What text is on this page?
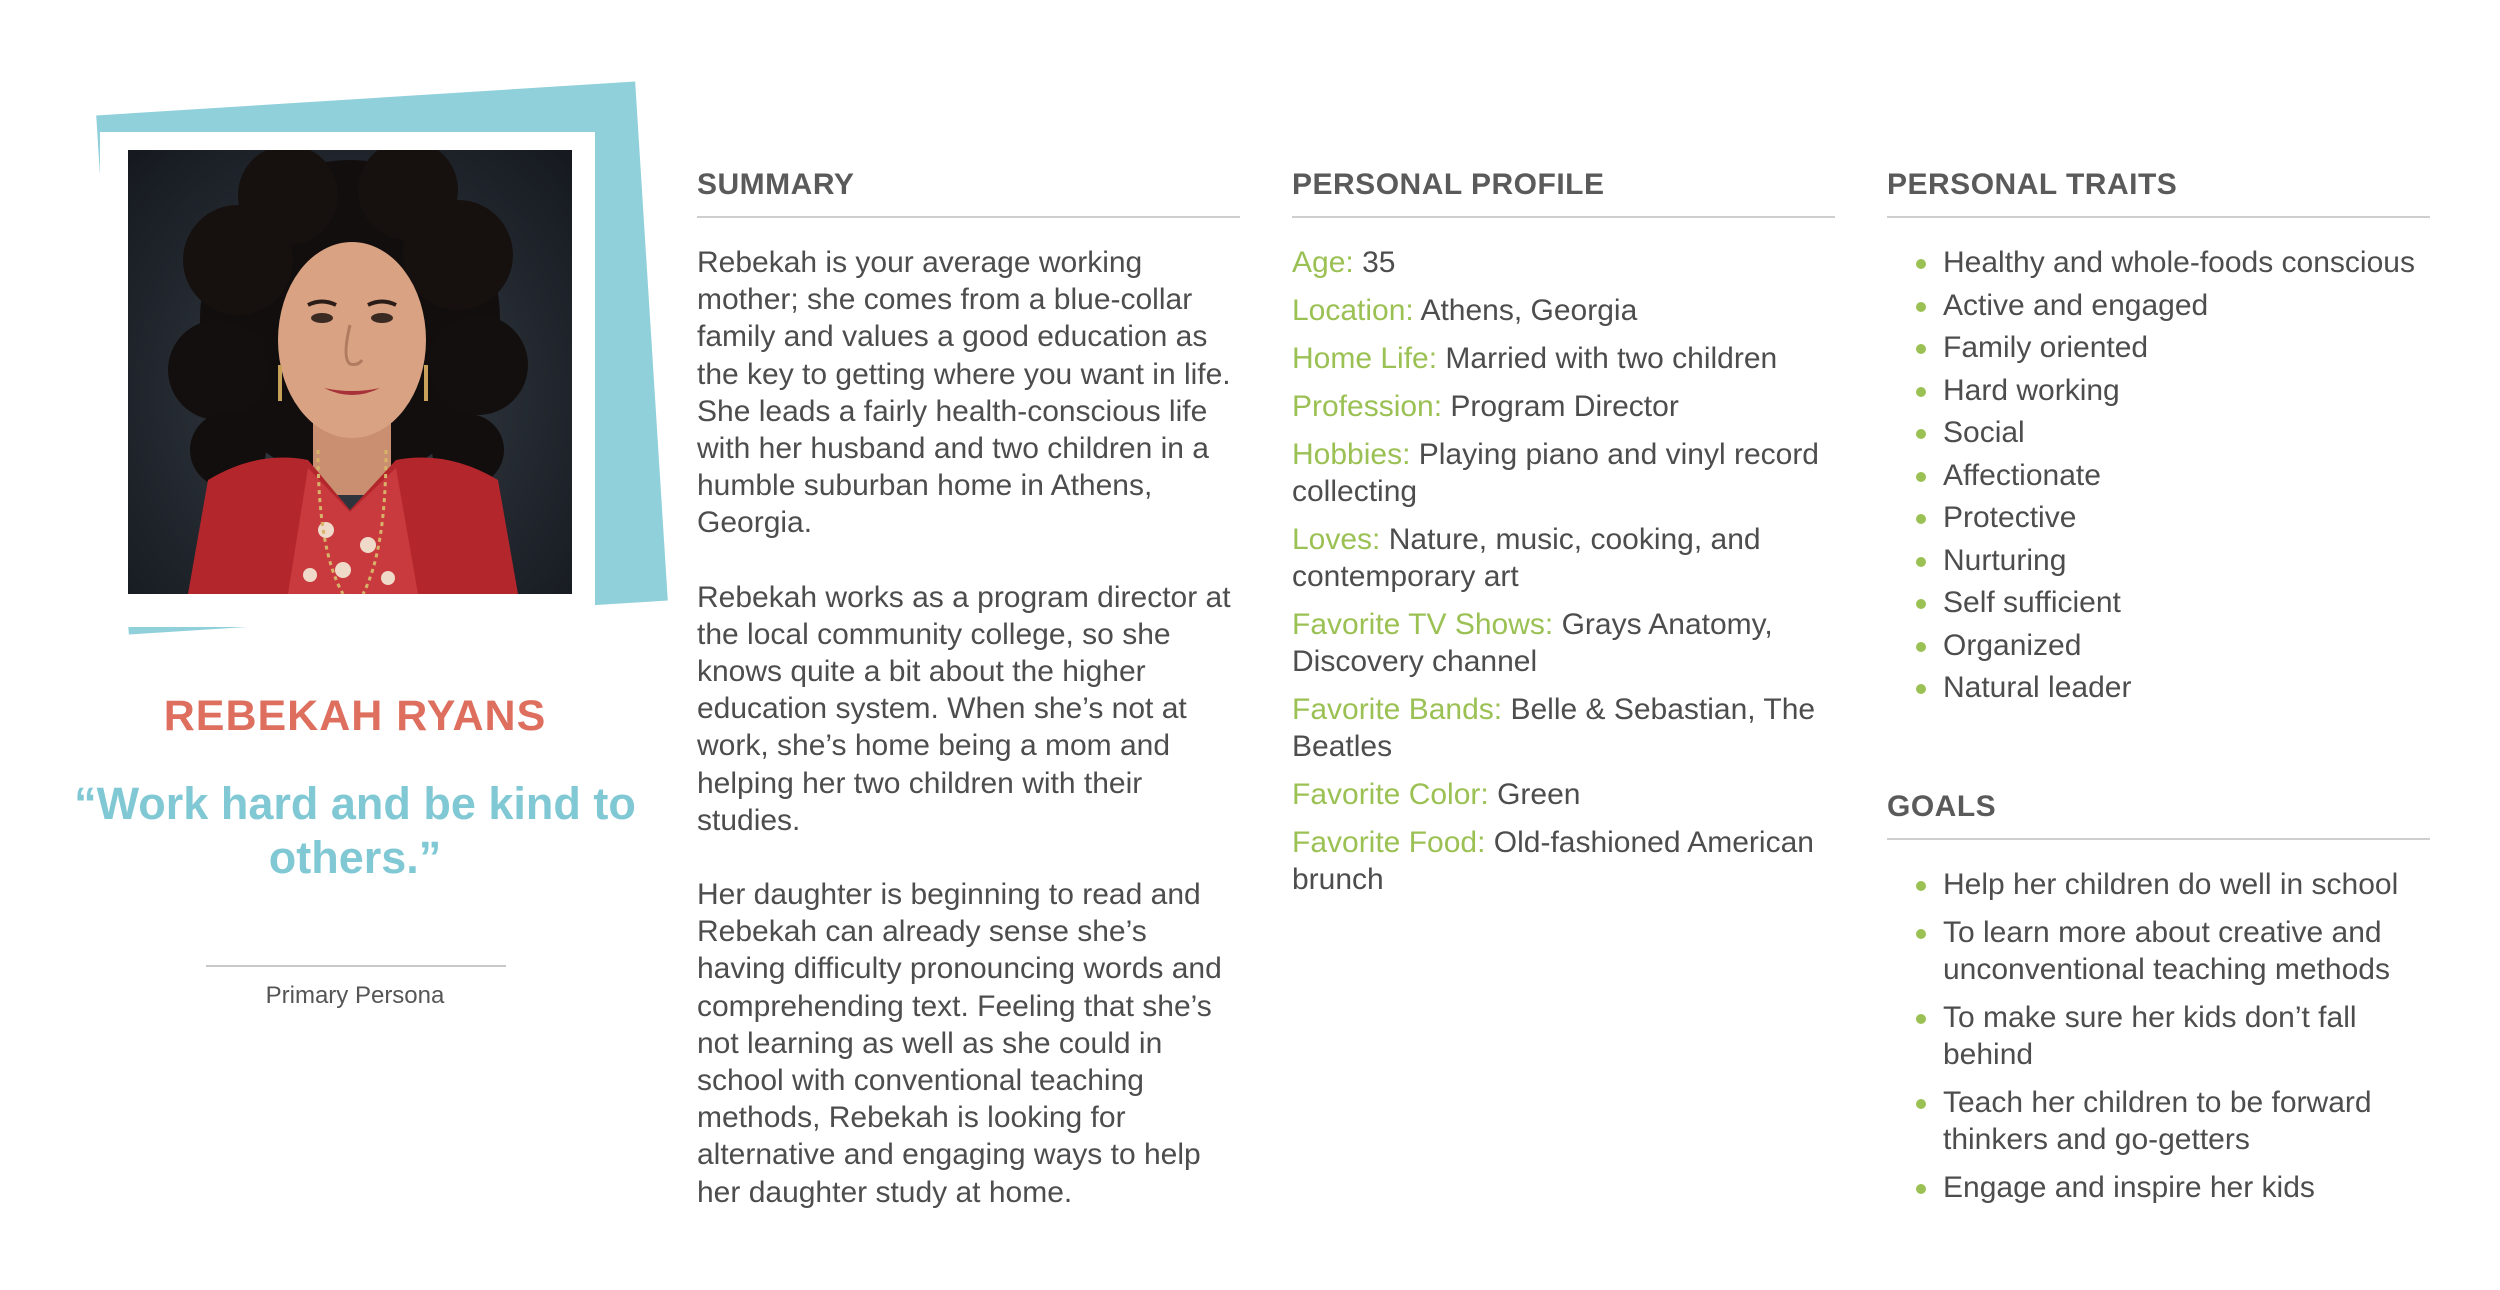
REBEKAH RYANS
“Work hard and be kind to others.”
Primary Persona
SUMMARY

Rebekah is your average working mother; she comes from a blue-collar family and values a good education as the key to getting where you want in life. She leads a fairly health-conscious life with her husband and two children in a humble suburban home in Athens, Georgia.

Rebekah works as a program director at the local community college, so she knows quite a bit about the higher education system. When she’s not at work, she’s home being a mom and helping her two children with their studies.

Her daughter is beginning to read and Rebekah can already sense she’s having difficulty pronouncing words and comprehending text. Feeling that she’s not learning as well as she could in school with conventional teaching methods, Rebekah is looking for alternative and engaging ways to help her daughter study at home.

PERSONAL PROFILE
Age: 35
Location: Athens, Georgia
Home Life: Married with two children
Profession: Program Director
Hobbies: Playing piano and vinyl record collecting
Loves: Nature, music, cooking, and contemporary art
Favorite TV Shows: Grays Anatomy, Discovery channel
Favorite Bands: Belle & Sebastian, The Beatles
Favorite Color: Green
Favorite Food: Old-fashioned American brunch
PERSONAL TRAITS
Healthy and whole-foods conscious
Active and engaged
Family oriented
Hard working
Social
Affectionate
Protective
Nurturing
Self sufficient
Organized
Natural leader
GOALS
Help her children do well in school
To learn more about creative and unconventional teaching methods
To make sure her kids don’t fall behind
Teach her children to be forward thinkers and go-getters
Engage and inspire her kids
